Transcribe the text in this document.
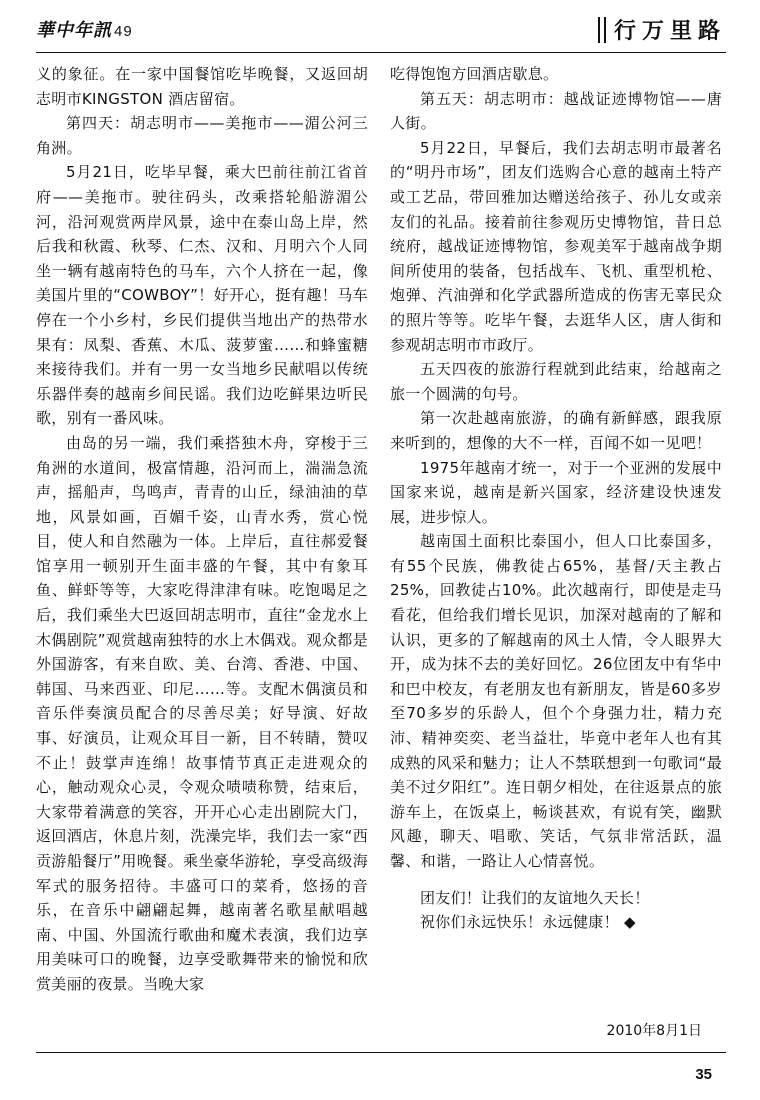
華中年訊 49	行万里路

义的象征。在一家中国餐馆吃毕晚餐，又返回胡志明市KINGSTON 酒店留宿。

第四天：胡志明市——美拖市——湄公河三角洲。

5月21日，吃毕早餐，乘大巴前往前江省首府——美拖市。驶往码头，改乘搭轮船游湄公河，沿河观赏两岸风景，途中在泰山岛上岸，然后我和秋霞、秋琴、仁杰、汉和、月明六个人同坐一辆有越南特色的马车，六个人挤在一起，像美国片里的“COWBOY”！好开心，挺有趣！马车停在一个小乡村，乡民们提供当地出产的热带水果有：凤梨、香蕉、木瓜、菠萝蜜……和蜂蜜糖来接待我们。并有一男一女当地乡民献唱以传统乐器伴奏的越南乡间民谣。我们边吃鲜果边听民歌，别有一番风味。

由岛的另一端，我们乘搭独木舟，穿梭于三角洲的水道间，极富情趣，沿河而上，湍湍急流声，摇船声，鸟鸣声，青青的山丘，绿油油的草地，风景如画，百媚千姿，山青水秀，赏心悦目，使人和自然融为一体。上岸后，直往郝爱餐馆享用一顿别开生面丰盛的午餐，其中有象耳鱼、鲜虾等等，大家吃得津津有味。吃饱喝足之后，我们乘坐大巴返回胡志明市，直往“金龙水上木偶剧院”观赏越南独特的水上木偶戏。观众都是外国游客，有来自欧、美、台湾、香港、中国、韩国、马来西亚、印尼……等。支配木偶演员和音乐伴奏演员配合的尽善尽美；好导演、好故事、好演员，让观众耳目一新，目不转睛，赞叹不止！鼓掌声连绵！故事情节真正走进观众的心，触动观众心灵，令观众啧啧称赞，结束后，大家带着满意的笑容，开开心心走出剧院大门，返回酒店，休息片刻，洗澡完毕，我们去一家“西贡游船餐厅”用晚餐。乘坐豪华游轮，享受高级海军式的服务招待。丰盛可口的菜肴，悠扬的音乐，在音乐中翩翩起舞，越南著名歌星献唱越南、中国、外国流行歌曲和魔术表演，我们边享用美味可口的晚餐，边享受歌舞带来的愉悦和欣赏美丽的夜景。当晚大家

吃得饱饱方回酒店歇息。

第五天：胡志明市：越战证迹博物馆——唐人街。

5月22日，早餐后，我们去胡志明市最著名的“明丹市场”，团友们选购合心意的越南土特产或工艺品，带回雅加达赠送给孩子、孙儿女或亲友们的礼品。接着前往参观历史博物馆，昔日总统府，越战证迹博物馆，参观美军于越南战争期间所使用的装备，包括战车、飞机、重型机枪、炮弹、汽油弹和化学武器所造成的伤害无辜民众的照片等等。吃毕午餐，去逛华人区，唐人街和参观胡志明市市政厅。

五天四夜的旅游行程就到此结束，给越南之旅一个圆满的句号。

第一次赴越南旅游，的确有新鲜感，跟我原来听到的，想像的大不一样，百闻不如一见吧！

1975年越南才统一，对于一个亚洲的发展中国家来说，越南是新兴国家，经济建设快速发展，进步惊人。

越南国土面积比泰国小，但人口比泰国多，有55个民族，佛教徒占65%，基督/天主教占25%，回教徒占10%。此次越南行，即使是走马看花，但给我们增长见识，加深对越南的了解和认识，更多的了解越南的风土人情，令人眼界大开，成为抹不去的美好回忆。26位团友中有华中和巴中校友，有老朋友也有新朋友，皆是60多岁至70多岁的乐龄人，但个个身强力壮，精力充沛、精神奕奕、老当益壮，毕竟中老年人也有其成熟的风采和魅力；让人不禁联想到一句歌词“最美不过夕阳红”。连日朝夕相处，在往返景点的旅游车上，在饭桌上，畅谈甚欢，有说有笑，幽默风趣，聊天、唱歌、笑话，气氛非常活跃，温馨、和谐，一路让人心情喜悦。

团友们！让我们的友谊地久天长！

祝你们永远快乐！永远健康！ ◆

2010年8月1日
35
